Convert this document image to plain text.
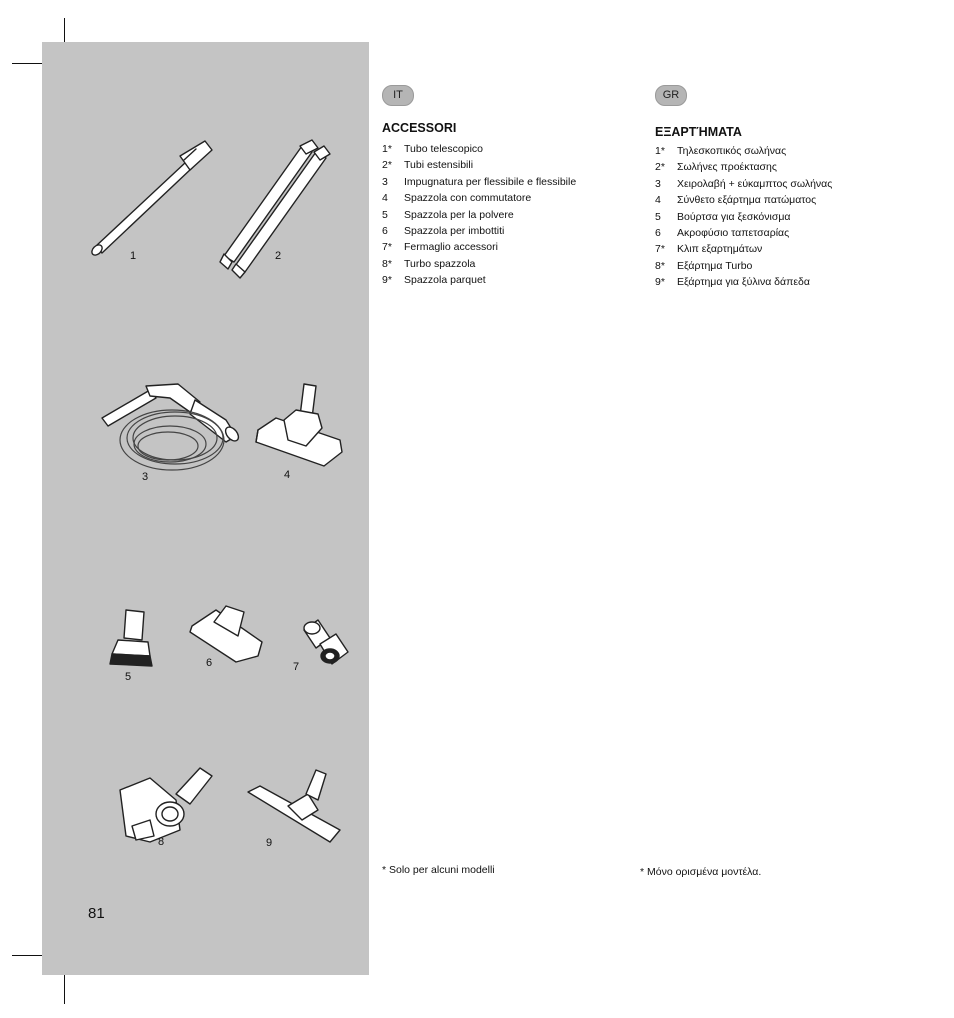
1	2
3	4
5
6	7
8	9
81
IT
ACCESSORI
1*	Tubo telescopico
2*	Tubi estensibili
3	Impugnatura per flessibile e flessibile
4	Spazzola con commutatore
5	Spazzola per la polvere
6	Spazzola per imbottiti
7*	Fermaglio accessori
8*	Turbo spazzola
9*	Spazzola parquet
* Solo per alcuni modelli
GR
ΕΞΑΡΤΉΜΑΤΑ
1*	Τηλεσκοπικός σωλήνας
2*	Σωλήνες προέκτασης
3	Χειρολαβή + εύκαμπτος σωλήνας
4	Σύνθετο εξάρτημα πατώματος
5	Βούρτσα για ξεσκόνισμα
6	Ακροφύσιο ταπετσαρίας
7*	Κλιπ εξαρτημάτων
8*	Εξάρτημα Turbo
9*	Εξάρτημα για ξύλινα δάπεδα
* Μόνο ορισμένα μοντέλα.
